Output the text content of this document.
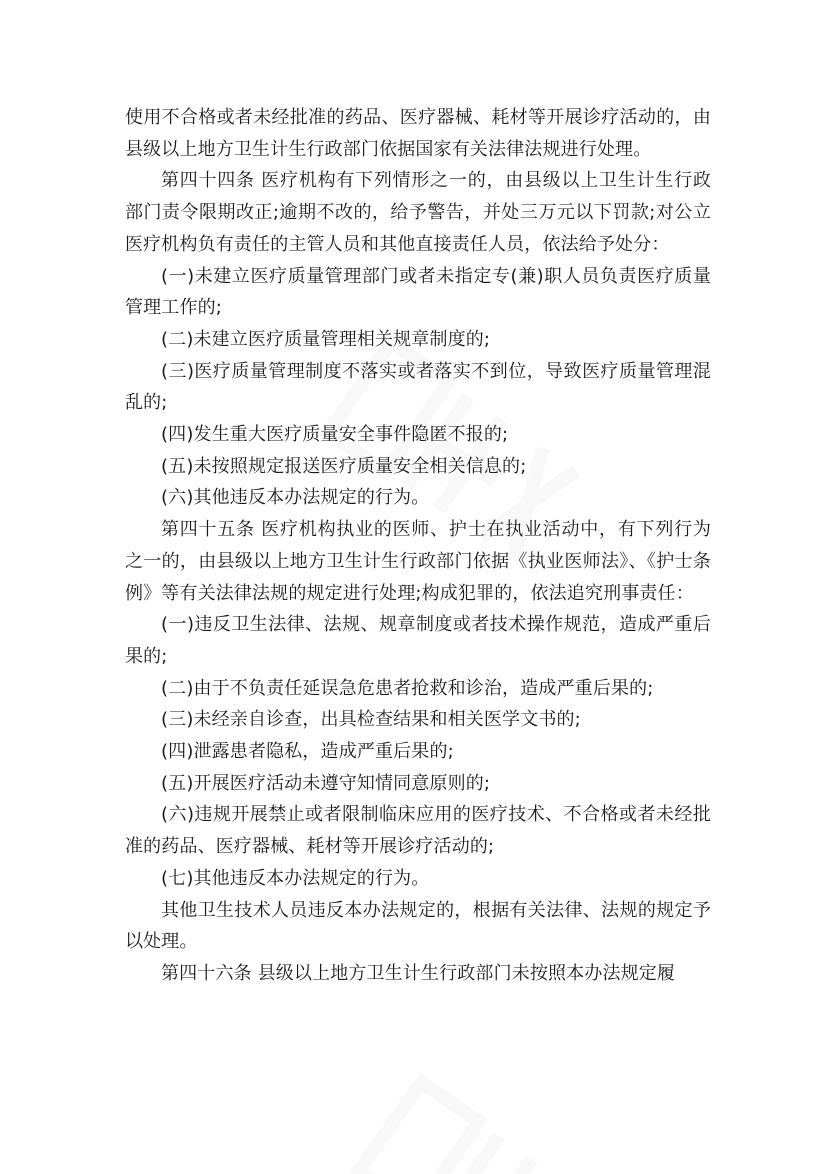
使用不合格或者未经批准的药品、医疗器械、耗材等开展诊疗活动的，由县级以上地方卫生计生行政部门依据国家有关法律法规进行处理。

第四十四条 医疗机构有下列情形之一的，由县级以上卫生计生行政部门责令限期改正;逾期不改的，给予警告，并处三万元以下罚款;对公立医疗机构负有责任的主管人员和其他直接责任人员，依法给予处分：

(一)未建立医疗质量管理部门或者未指定专(兼)职人员负责医疗质量管理工作的;

(二)未建立医疗质量管理相关规章制度的;

(三)医疗质量管理制度不落实或者落实不到位，导致医疗质量管理混乱的;

(四)发生重大医疗质量安全事件隐匿不报的;

(五)未按照规定报送医疗质量安全相关信息的;

(六)其他违反本办法规定的行为。

第四十五条 医疗机构执业的医师、护士在执业活动中，有下列行为之一的，由县级以上地方卫生计生行政部门依据《执业医师法》、《护士条例》等有关法律法规的规定进行处理;构成犯罪的，依法追究刑事责任：

(一)违反卫生法律、法规、规章制度或者技术操作规范，造成严重后果的;

(二)由于不负责任延误急危患者抢救和诊治，造成严重后果的;

(三)未经亲自诊查，出具检查结果和相关医学文书的;

(四)泄露患者隐私，造成严重后果的;

(五)开展医疗活动未遵守知情同意原则的;

(六)违规开展禁止或者限制临床应用的医疗技术、不合格或者未经批准的药品、医疗器械、耗材等开展诊疗活动的;

(七)其他违反本办法规定的行为。

其他卫生技术人员违反本办法规定的，根据有关法律、法规的规定予以处理。

第四十六条 县级以上地方卫生计生行政部门未按照本办法规定履
